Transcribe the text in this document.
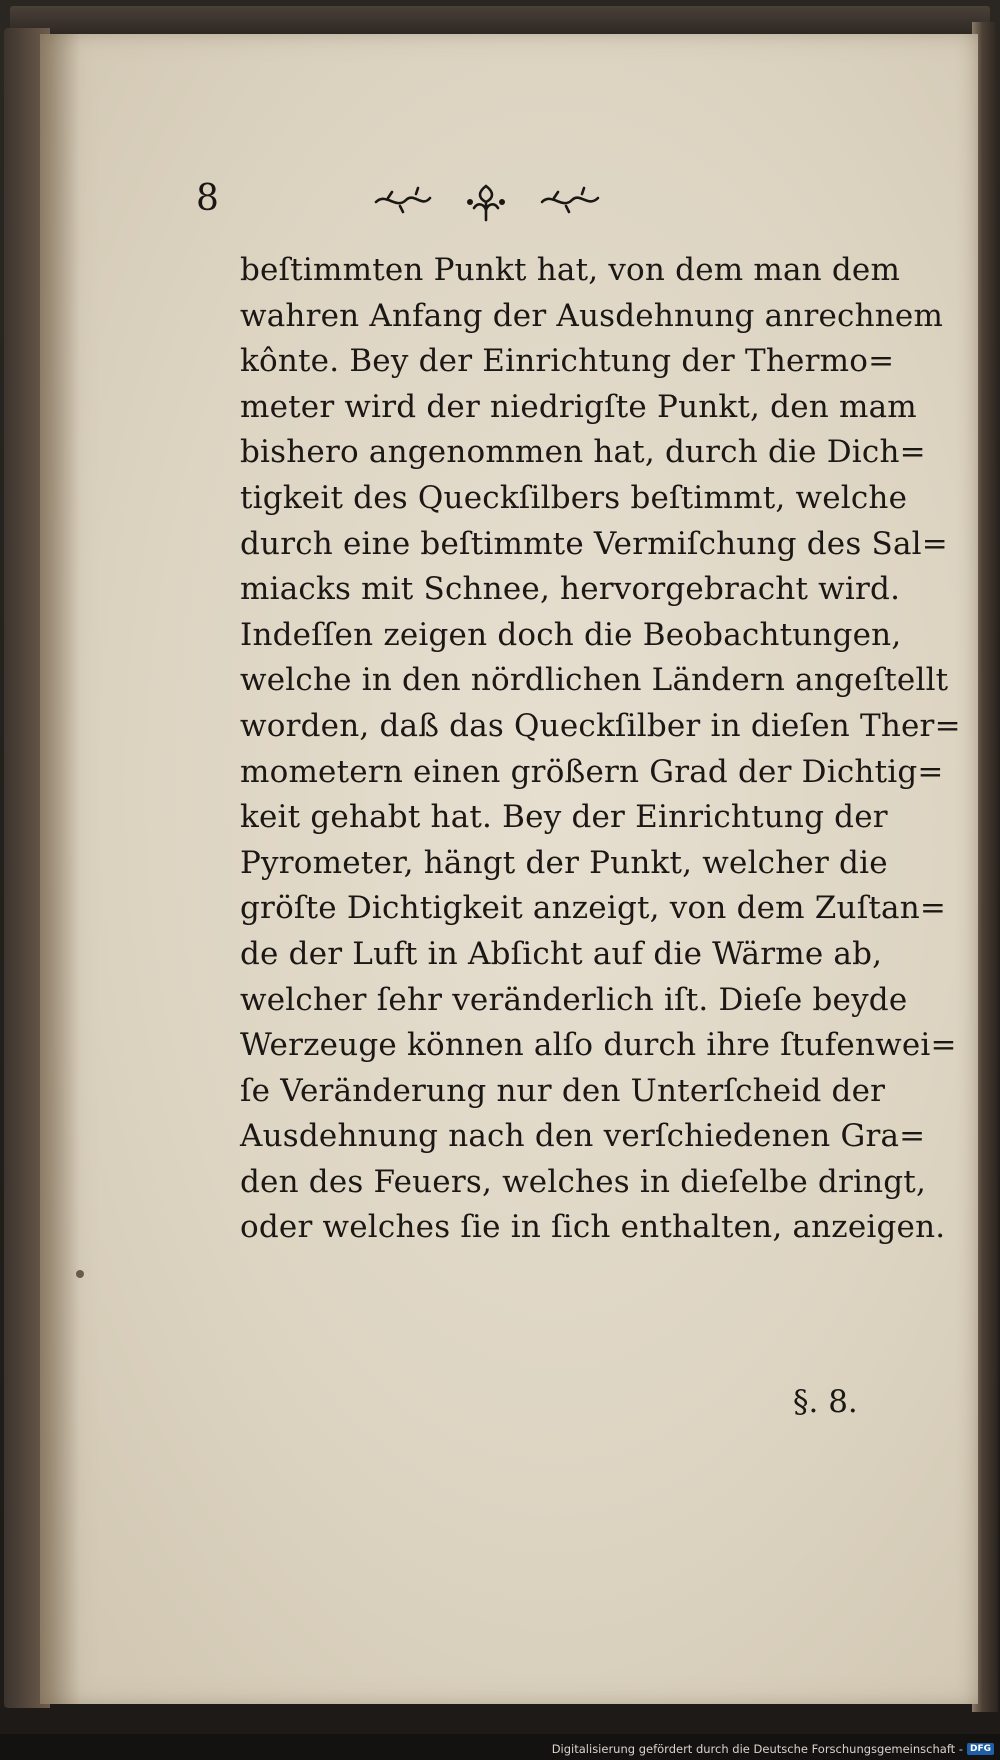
8
beſtimmten Punkt hat, von dem man dem
wahren Anfang der Ausdehnung anrechnem
kônte. Bey der Einrichtung der Thermo=
meter wird der niedrigſte Punkt, den mam
bishero angenommen hat, durch die Dich=
tigkeit des Queckſilbers beſtimmt, welche
durch eine beſtimmte Vermiſchung des Sal=
miacks mit Schnee, hervorgebracht wird.
Indeſſen zeigen doch die Beobachtungen,
welche in den nördlichen Ländern angeſtellt
worden, daß das Queckſilber in dieſen Ther=
mometern einen größern Grad der Dichtig=
keit gehabt hat. Bey der Einrichtung der
Pyrometer, hängt der Punkt, welcher die
gröſte Dichtigkeit anzeigt, von dem Zuſtan=
de der Luft in Abſicht auf die Wärme ab,
welcher ſehr veränderlich iſt. Dieſe beyde
Werzeuge können alſo durch ihre ſtufenwei=
ſe Veränderung nur den Unterſcheid der
Ausdehnung nach den verſchiedenen Gra=
den des Feuers, welches in dieſelbe dringt,
oder welches ſie in ſich enthalten, anzeigen.
§. 8.
Digitalisierung gefördert durch die Deutsche Forschungsgemeinschaft - DFG
